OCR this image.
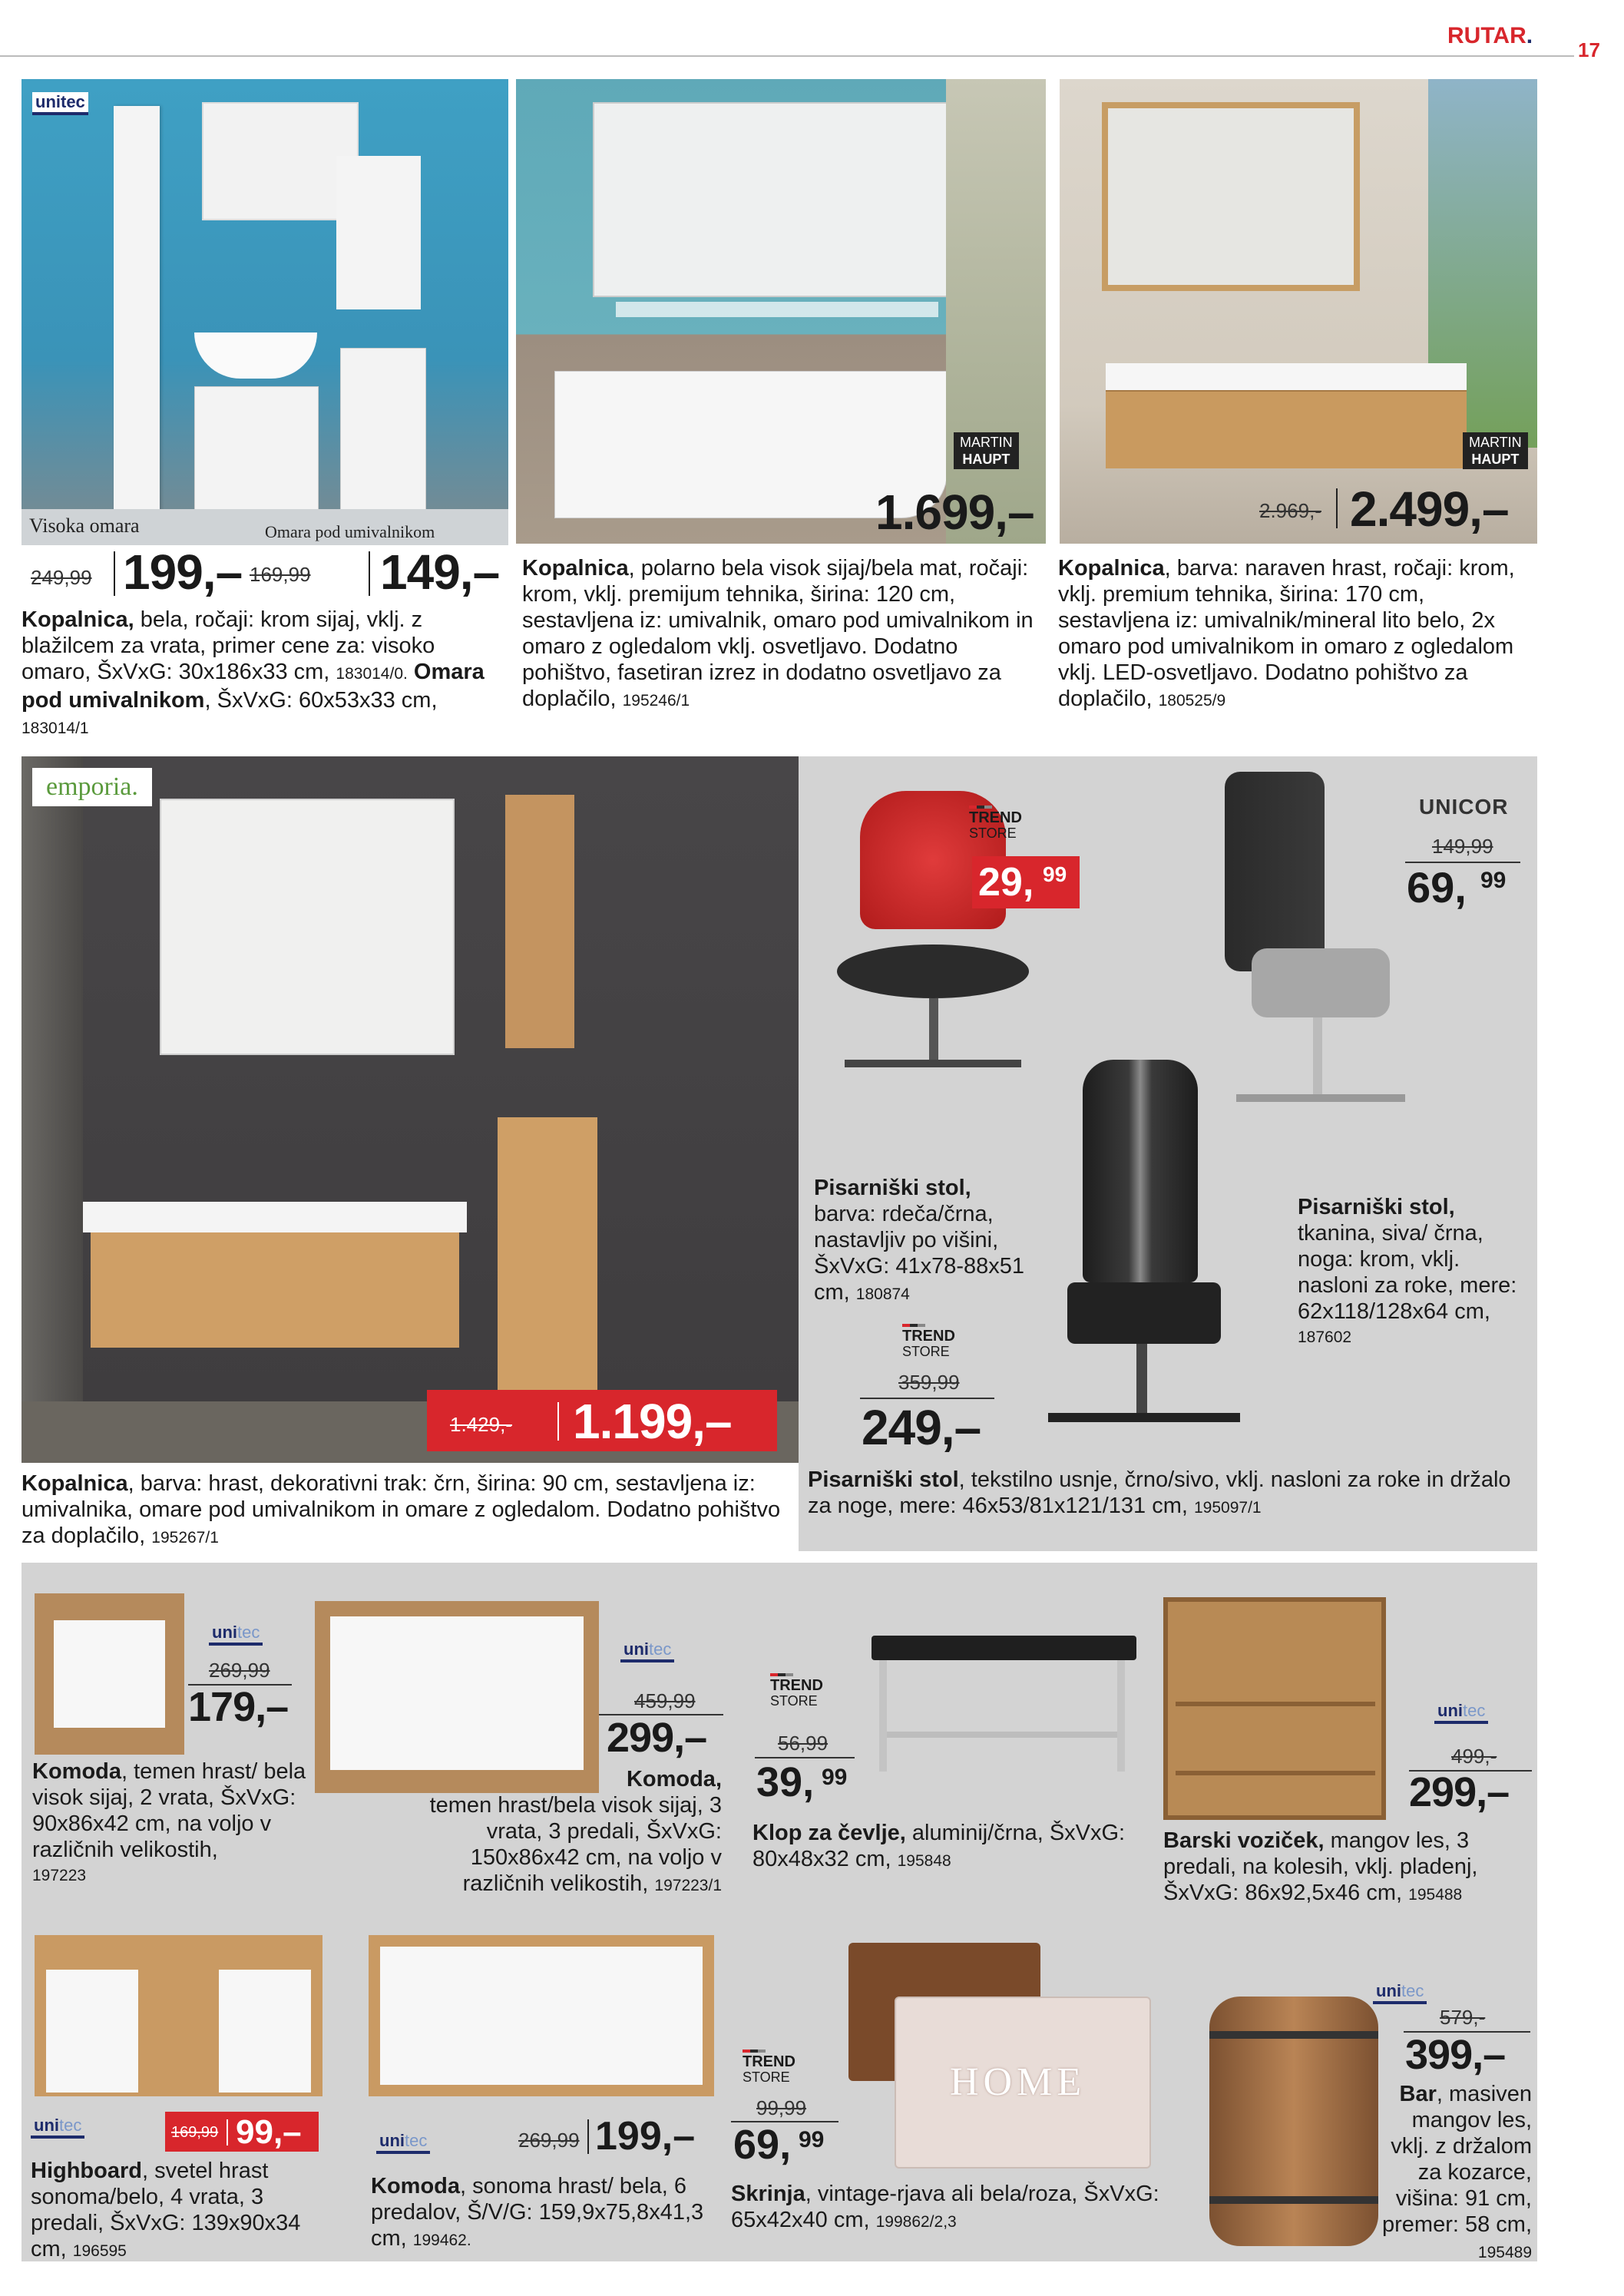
RUTAR.
17
unitec
Visoka omara	Omara pod umivalnikom
249,99 199,– 169,99 149,–
Kopalnica, bela, ročaji: krom sijaj, vklj. z blažilcem za vrata, primer cene za: visoko omaro, ŠxVxG: 30x186x33 cm, 183014/0. Omara pod umivalnikom, ŠxVxG: 60x53x33 cm, 183014/1
MARTIN
HAUPT
1.699,–
Kopalnica, polarno bela visok sijaj/bela mat, ročaji: krom, vklj. premijum tehnika, širina: 120 cm, sestavljena iz: umivalnik, omaro pod umivalnikom in omaro z ogledalom vklj. osvetljavo. Dodatno pohištvo, fasetiran izrez in dodatno osvetljavo za doplačilo, 195246/1
MARTIN
HAUPT
2.969,- 2.499,–
Kopalnica, barva: naraven hrast, ročaji: krom, vklj. premium tehnika, širina: 170 cm, sestavljena iz: umivalnik/mineral lito belo, 2x omaro pod umivalnikom in omaro z ogledalom vklj. LED-osvetljavo. Dodatno pohištvo za doplačilo, 180525/9
emporia.
1.429,- 1.199,–
Kopalnica, barva: hrast, dekorativni trak: črn, širina: 90 cm, sestavljena iz: umivalnika, omare pod umivalnikom in omare z ogledalom. Dodatno pohištvo za doplačilo, 195267/1
TREND
STORE
29, 99
Pisarniški stol,
barva: rdeča/črna, nastavljiv po višini, ŠxVxG: 41x78-88x51 cm, 180874
UNICOR
149,99
69, 99
Pisarniški stol,
tkanina, siva/ črna, noga: krom, vklj. nasloni za roke, mere: 62x118/128x64 cm,
187602
TREND
STORE
359,99
249,–
Pisarniški stol, tekstilno usnje, črno/sivo, vklj. nasloni za roke in držalo za noge, mere: 46x53/81x121/131 cm, 195097/1
unitec
269,99
179,–
Komoda, temen hrast/ bela visok sijaj, 2 vrata, ŠxVxG: 90x86x42 cm, na voljo v različnih velikostih,
197223
unitec
459,99
299,–
Komoda,
temen hrast/bela visok sijaj, 3 vrata, 3 predali, ŠxVxG: 150x86x42 cm, na voljo v različnih velikostih, 197223/1
TREND
STORE
56,99
39, 99
Klop za čevlje, aluminij/črna, ŠxVxG: 80x48x32 cm, 195848
unitec
499,-
299,–
Barski voziček, mangov les, 3 predali, na kolesih, vklj. pladenj, ŠxVxG: 86x92,5x46 cm, 195488
unitec	169,99 99,–
Highboard, svetel hrast sonoma/belo, 4 vrata, 3 predali, ŠxVxG: 139x90x34 cm, 196595
unitec	269,99 199,–
Komoda, sonoma hrast/ bela, 6 predalov, Š/V/G: 159,9x75,8x41,3 cm, 199462.
HOME
TREND
STORE
99,99
69, 99
Skrinja, vintage-rjava ali bela/roza, ŠxVxG: 65x42x40 cm, 199862/2,3
unitec
579,-
399,–
Bar, masiven mangov les, vklj. z držalom za kozarce, višina: 91 cm, premer: 58 cm, 195489
